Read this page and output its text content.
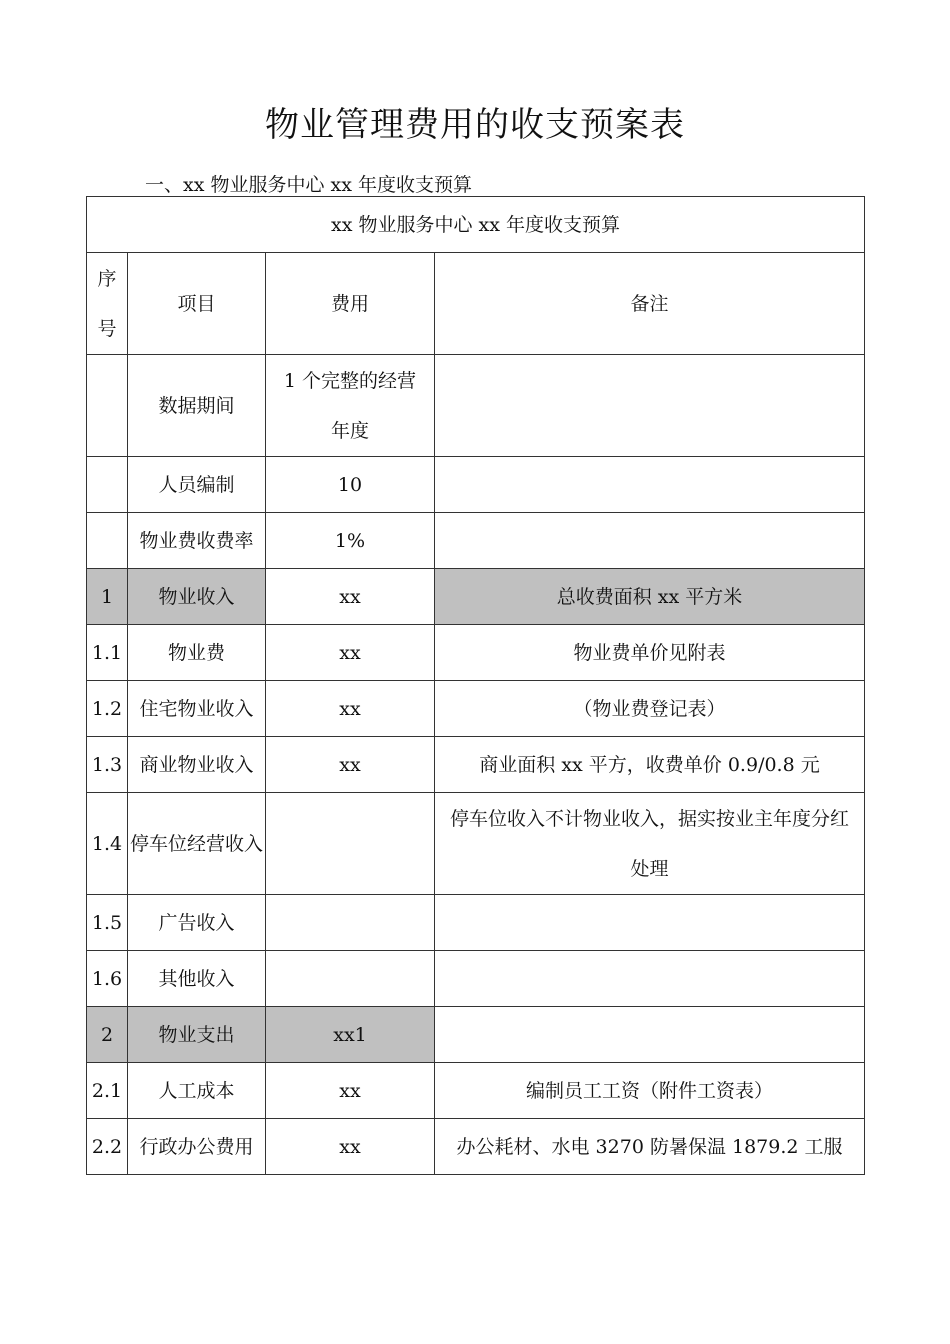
物业管理费用的收支预案表
一、xx 物业服务中心 xx 年度收支预算
xx 物业服务中心 xx 年度收支预算			
序
号	项目	费用	备注
	数据期间	1 个完整的经营年度	
	人员编制	10	
	物业费收费率	1%	
1	物业收入	xx	总收费面积 xx 平方米
1.1	物业费	xx	物业费单价见附表
1.2	住宅物业收入	xx	（物业费登记表）
1.3	商业物业收入	xx	商业面积 xx 平方，收费单价 0.9/0.8 元
1.4	停车位经营收入		停车位收入不计物业收入，据实按业主年度分红处理
1.5	广告收入		
1.6	其他收入		
2	物业支出	xx1	
2.1	人工成本	xx	编制员工工资（附件工资表）
2.2	行政办公费用	xx	办公耗材、水电 3270 防暑保温 1879.2 工服
